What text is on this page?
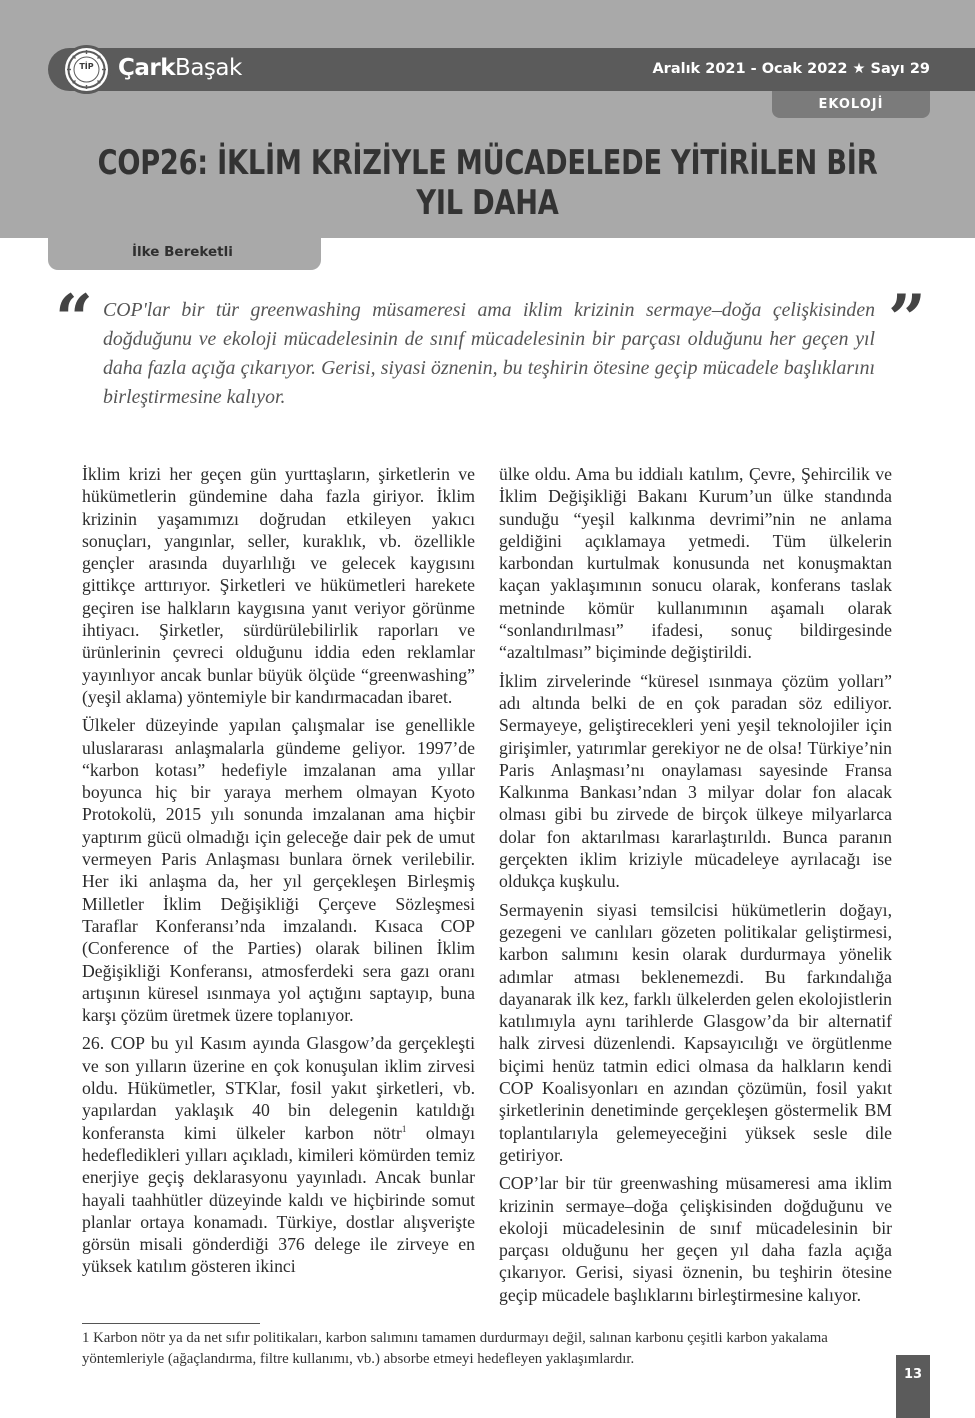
TİP ÇarkBaşak	Aralık 2021 - Ocak 2022 ★ Sayı 29
EKOLOJİ
COP26: İKLİM KRİZİYLE MÜCADELEDE YİTİRİLEN BİR YIL DAHA
İlke Bereketli
“	”

COP'lar bir tür greenwashing müsameresi ama iklim krizinin sermaye–doğa çelişkisinden doğduğunu ve ekoloji mücadelesinin de sınıf mücadelesinin bir parçası olduğunu her geçen yıl daha fazla açığa çıkarıyor. Gerisi, siyasi öznenin, bu teşhirin ötesine geçip mücadele başlıklarını birleştirmesine kalıyor.

İklim krizi her geçen gün yurttaşların, şirketlerin ve hükümetlerin gündemine daha fazla giriyor. İklim krizinin yaşamımızı doğrudan etkileyen yakıcı sonuçları, yangınlar, seller, kuraklık, vb. özellikle gençler arasında duyarlılığı ve gelecek kaygısını gittikçe arttırıyor. Şirketleri ve hükümetleri harekete geçiren ise halkların kaygısına yanıt veriyor görünme ihtiyacı. Şirketler, sürdürülebilirlik raporları ve ürünlerinin çevreci olduğunu iddia eden reklamlar yayınlıyor ancak bunlar büyük ölçüde “greenwashing” (yeşil aklama) yöntemiyle bir kandırmacadan ibaret.

Ülkeler düzeyinde yapılan çalışmalar ise genellikle uluslararası anlaşmalarla gündeme geliyor. 1997’de “karbon kotası” hedefiyle imzalanan ama yıllar boyunca hiç bir yaraya merhem olmayan Kyoto Protokolü, 2015 yılı sonunda imzalanan ama hiçbir yaptırım gücü olmadığı için geleceğe dair pek de umut vermeyen Paris Anlaşması bunlara örnek verilebilir. Her iki anlaşma da, her yıl gerçekleşen Birleşmiş Milletler İklim Değişikliği Çerçeve Sözleşmesi Taraflar Konferansı’nda imzalandı. Kısaca COP (Conference of the Parties) olarak bilinen İklim Değişikliği Konferansı, atmosferdeki sera gazı oranı artışının küresel ısınmaya yol açtığını saptayıp, buna karşı çözüm üretmek üzere toplanıyor.

26. COP bu yıl Kasım ayında Glasgow’da gerçekleşti ve son yılların üzerine en çok konuşulan iklim zirvesi oldu. Hükümetler, STKlar, fosil yakıt şirketleri, vb. yapılardan yaklaşık 40 bin delegenin katıldığı konferansta kimi ülkeler karbon nötr$^1$ olmayı hedefledikleri yılları açıkladı, kimileri kömürden temiz enerjiye geçiş deklarasyonu yayınladı. Ancak bunlar hayali taahhütler düzeyinde kaldı ve hiçbirinde somut planlar ortaya konamadı. Türkiye, dostlar alışverişte görsün misali gönderdiği 376 delege ile zirveye en yüksek katılım gösteren ikinci

ülke oldu. Ama bu iddialı katılım, Çevre, Şehircilik ve İklim Değişikliği Bakanı Kurum’un ülke standında sunduğu “yeşil kalkınma devrimi”nin ne anlama geldiğini açıklamaya yetmedi. Tüm ülkelerin karbondan kurtulmak konusunda net konuşmaktan kaçan yaklaşımının sonucu olarak, konferans taslak metninde kömür kullanımının aşamalı olarak “sonlandırılması” ifadesi, sonuç bildirgesinde “azaltılması” biçiminde değiştirildi.

İklim zirvelerinde “küresel ısınmaya çözüm yolları” adı altında belki de en çok paradan söz ediliyor. Sermayeye, geliştirecekleri yeni yeşil teknolojiler için girişimler, yatırımlar gerekiyor ne de olsa! Türkiye’nin Paris Anlaşması’nı onaylaması sayesinde Fransa Kalkınma Bankası’ndan 3 milyar dolar fon alacak olması gibi bu zirvede de birçok ülkeye milyarlarca dolar fon aktarılması kararlaştırıldı. Bunca paranın gerçekten iklim kriziyle mücadeleye ayrılacağı ise oldukça kuşkulu.

Sermayenin siyasi temsilcisi hükümetlerin doğayı, gezegeni ve canlıları gözeten politikalar geliştirmesi, karbon salımını kesin olarak durdurmaya yönelik adımlar atması beklenemezdi. Bu farkındalığa dayanarak ilk kez, farklı ülkelerden gelen ekolojistlerin katılımıyla aynı tarihlerde Glasgow’da bir alternatif halk zirvesi düzenlendi. Kapsayıcılığı ve örgütlenme biçimi henüz tatmin edici olmasa da halkların kendi COP Koalisyonları en azından çözümün, fosil yakıt şirketlerinin denetiminde gerçekleşen göstermelik BM toplantılarıyla gelemeyeceğini yüksek sesle dile getiriyor.

COP’lar bir tür greenwashing müsameresi ama iklim krizinin sermaye–doğa çelişkisinden doğduğunu ve ekoloji mücadelesinin de sınıf mücadelesinin bir parçası olduğunu her geçen yıl daha fazla açığa çıkarıyor. Gerisi, siyasi öznenin, bu teşhirin ötesine geçip mücadele başlıklarını birleştirmesine kalıyor.

1 Karbon nötr ya da net sıfır politikaları, karbon salımını tamamen durdurmayı değil, salınan karbonu çeşitli karbon yakalama yöntemleriyle (ağaçlandırma, filtre kullanımı, vb.) absorbe etmeyi hedefleyen yaklaşımlardır.

13
